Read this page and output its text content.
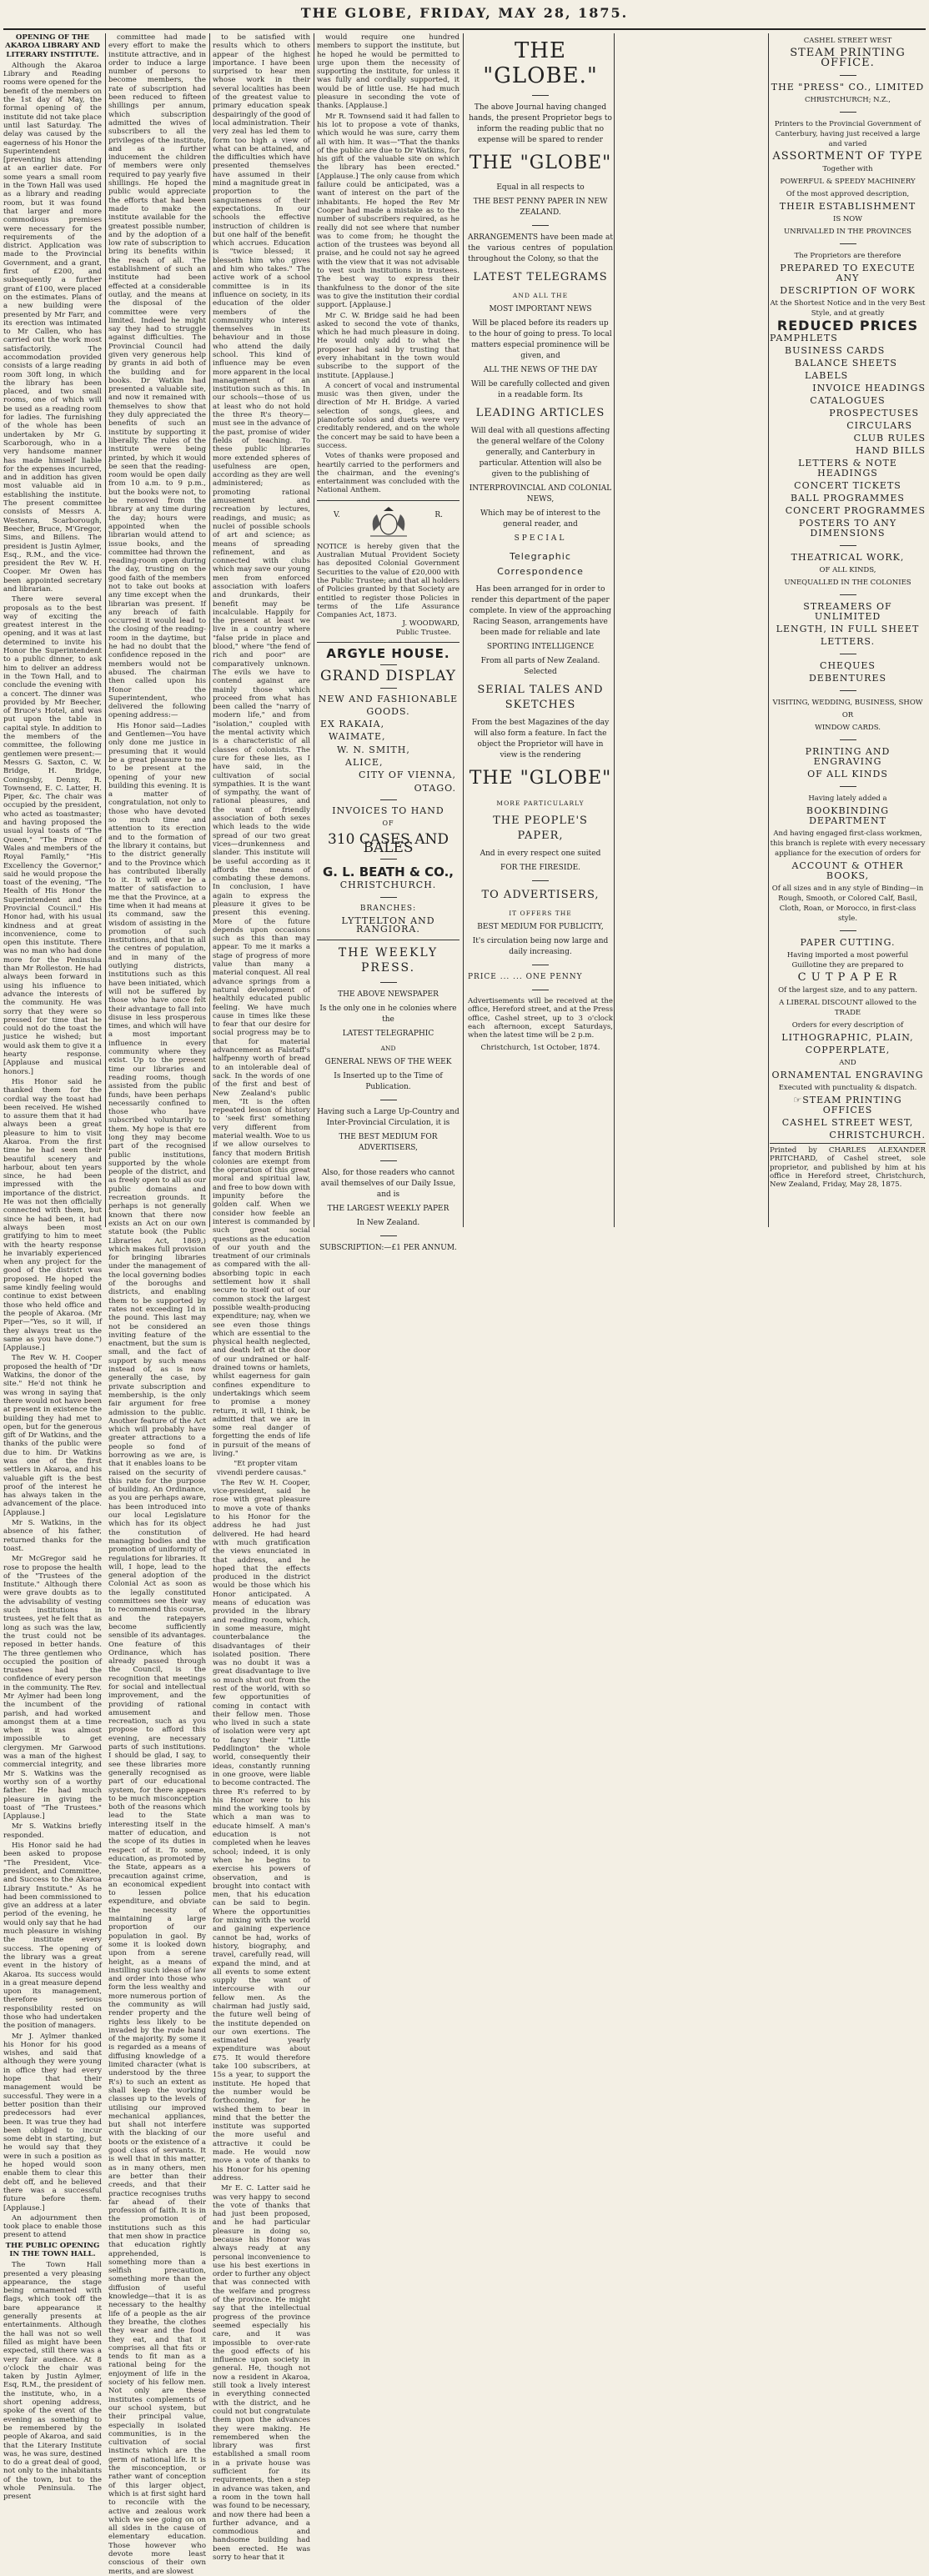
THE GLOBE, FRIDAY, MAY 28, 1875.
OPENING OF THE AKAROA LIBRARY AND LITERARY INSTITUTE.

Although the Akaroa Library and Reading rooms were opened for the benefit of the members on the 1st day of May, the formal opening of the institute did not take place until last Saturday. The delay was caused by the eagerness of his Honor the Superintendent [preventing his attending at an earlier date. For some years a small room in the Town Hall was used as a library and reading room, but it was found that larger and more commodious premises were necessary for the requirements of the district. Application was made to the Provincial Government, and a grant, first of £200, and subsequently a further grant of £100, were placed on the estimates. Plans of a new building were presented by Mr Farr, and its erection was intimated to Mr Callen, who has carried out the work most satisfactorily. The accommodation provided consists of a large reading room 30ft long, in which the library has been placed, and two small rooms, one of which will be used as a reading room for ladies. The furnishing of the whole has been undertaken by Mr G. Scarborough, who in a very handsome manner has made himself liable for the expenses incurred, and in addition has given most valuable aid in establishing the institute. The present committee consists of Messrs A. Westenra, Scarborough, Beecher, Bruce, M'Gregor, Sims, and Billens. The president is Justin Aylmer, Esq., R.M., and the vice-president the Rev W. H. Cooper. Mr Owen has been appointed secretary and librarian.

There were several proposals as to the best way of exciting the greatest interest in the opening, and it was at last determined to invite his Honor the Superintendent to a public dinner, to ask him to deliver an address in the Town Hall, and to conclude the evening with a concert. The dinner was provided by Mr Beecher, of Bruce's Hotel, and was put upon the table in capital style. In addition to the members of the committee, the following gentlemen were present:— Messrs G. Saxton, C. W. Bridge, H. Bridge, Coningsby, Denny, R. Townsend, E. C. Latter, H. Piper, &c. The chair was occupied by the president, who acted as toastmaster; and having proposed the usual loyal toasts of "The Queen," "The Prince of Wales and members of the Royal Family," "His Excellency the Governor," said he would propose the toast of the evening, "The Health of His Honor the Superintendent and the Provincial Council." His Honor had, with his usual kindness and at great inconvenience, come to open this institute. There was no man who had done more for the Peninsula than Mr Rolleston. He had always been forward in using his influence to advance the interests of the community. He was sorry that they were so pressed for time that he could not do the toast the justice he wished; but would ask them to give it a hearty response. [Applause and musical honors.]

His Honor said he thanked them for the cordial way the toast had been received. He wished to assure them that it had always been a great pleasure to him to visit Akaroa. From the first time he had seen their beautiful scenery and harbour, about ten years since, he had been impressed with the importance of the district. He was not then officially connected with them, but since he had been, it had always been most gratifying to him to meet with the hearty response he invariably experienced when any project for the good of the district was proposed. He hoped the same kindly feeling would continue to exist between those who held office and the people of Akaroa. (Mr Piper—"Yes, so it will, if they always treat us the same as you have done.") [Applause.]

The Rev W. H. Cooper proposed the health of "Dr Watkins, the donor of the site." He'd not think he was wrong in saying that there would not have been at present in existence the building they had met to open, but for the generous gift of Dr Watkins, and the thanks of the public were due to him. Dr Watkins was one of the first settlers in Akaroa, and his valuable gift is the best proof of the interest he has always taken in the advancement of the place. [Applause.]

Mr S. Watkins, in the absence of his father, returned thanks for the toast.

Mr McGregor said he rose to propose the health of the "Trustees of the Institute." Although there were grave doubts as to the advisability of vesting such institutions in trustees, yet he felt that as long as such was the law, the trust could not be reposed in better hands. The three gentlemen who occupied the position of trustees had the confidence of every person in the community. The Rev. Mr Aylmer had been long the incumbent of the parish, and had worked amongst them at a time when it was almost impossible to get clergymen. Mr Garwood was a man of the highest commercial integrity, and Mr S. Watkins was the worthy son of a worthy father. He had much pleasure in giving the toast of "The Trustees." [Applause.]

Mr S. Watkins briefly responded.

His Honor said he had been asked to propose "The President, Vice-president, and Committee, and Success to the Akaroa Library Institute." As he had been commissioned to give an address at a later period of the evening, he would only say that he had much pleasure in wishing the institute every success. The opening of the library was a great event in the history of Akaroa. Its success would in a great measure depend upon its management, therefore serious responsibility rested on those who had undertaken the position of managers.

Mr J. Aylmer thanked his Honor for his good wishes, and said that although they were young in office they had every hope that their management would be successful. They were in a better position than their predecessors had ever been. It was true they had been obliged to incur some debt in starting, but he would say that they were in such a position as he hoped would soon enable them to clear this debt off, and he believed there was a successful future before them. [Applause.]

An adjournment then took place to enable those present to attend

THE PUBLIC OPENING IN THE TOWN HALL.

The Town Hall presented a very pleasing appearance, the stage being ornamented with flags, which took off the bare appearance it generally presents at entertainments. Although the hall was not so well filled as might have been expected, still there was a very fair audience. At 8 o'clock the chair was taken by Justin Aylmer, Esq, R.M., the president of the institute, who, in a short opening address, spoke of the event of the evening as something to be remembered by the people of Akaroa, and said that the Literary Institute was, he was sure, destined to do a great deal of good, not only to the inhabitants of the town, but to the whole Peninsula. The present

committee had made every effort to make the institute attractive, and in order to induce a large number of persons to become members, the rate of subscription had been reduced to fifteen shillings per annum, which subscription admitted the wives of subscribers to all the privileges of the institute, and as a further inducement the children of members were only required to pay yearly five shillings. He hoped the public would appreciate the efforts that had been made to make the institute available for the greatest possible number, and by the adoption of a low rate of subscription to bring its benefits within the reach of all. The establishment of such an institute had been effected at a considerable outlay, and the means at the disposal of the committee were very limited. Indeed he might say they had to struggle against difficulties. The Provincial Council had given very generous help by grants in aid both of the building and for books. Dr Watkin had presented a valuable site, and now it remained with themselves to show that they duly appreciated the benefits of such an institute by supporting it liberally. The rules of the institute were being printed, by which it would be seen that the reading-room would be open daily from 10 a.m. to 9 p.m., but the books were not, to be removed from the library at any time during the day; hours were appointed when the librarian would attend to issue books, and the committee had thrown the reading-room open during the day, trusting on the good faith of the members not to take out books at any time except when the librarian was present. If any breach of faith occurred it would lead to the closing of the reading-room in the daytime, but he had no doubt that the confidence reposed in the members would not be abused. The chairman then called upon his Honor the Superintendent, who delivered the following opening address:—

His Honor said—Ladies and Gentlemen—You have only done me justice in presuming that it would be a great pleasure to me to be present at the opening of your new building this evening. It is a matter of congratulation, not only to those who have devoted so much time and attention to its erection and to the formation of the library it contains, but to the district generally and to the Province which has contributed liberally to it. It will ever be a matter of satisfaction to me that the Province, at a time when it had means at its command, saw the wisdom of assisting in the promotion of such institutions, and that in all the centres of population, and in many of the outlying districts, institutions such as this have been initiated, which will not be suffered by those who have once felt their advantage to fall into disuse in less prosperous times, and which will have a most important influence in every community where they exist. Up to the present time our libraries and reading rooms, though assisted from the public funds, have been perhaps necessarily confined to those who have subscribed voluntarily to them. My hope is that ere long they may become part of the recognised public institutions, supported by the whole people of the district, and as freely open to all as our public domains and recreation grounds. It perhaps is not generally known that there now exists an Act on our own statute book (the Public Libraries Act, 1869,) which makes full provision for bringing libraries under the management of the local governing bodies of the boroughs and districts, and enabling them to be supported by rates not exceeding 1d in the pound. This last may not be considered an inviting feature of the enactment, but the sum is small, and the fact of support by such means instead of, as is now generally the case, by private subscription and membership, is the only fair argument for free admission to the public. Another feature of the Act which will probably have greater attractions to a people so fond of borrowing as we are, is that it enables loans to be raised on the security of this rate for the purpose of building. An Ordinance, as you are perhaps aware, has been introduced into our local Legislature which has for its object the constitution of managing bodies and the promotion of uniformity of regulations for libraries. It will, I hope, lead to the general adoption of the Colonial Act as soon as the legally constituted committees see their way to recommend this course, and the ratepayers become sufficiently sensible of its advantages. One feature of this Ordinance, which has already passed through the Council, is the recognition that meetings for social and intellectual improvement, and the providing of rational amusement and recreation, such as you propose to afford this evening, are necessary parts of such institutions. I should be glad, I say, to see these libraries more generally recognised as part of our educational system, for there appears to be much misconception both of the reasons which lead to the State interesting itself in the matter of education, and the scope of its duties in respect of it. To some, education, as promoted by the State, appears as a precaution against crime, an economical expedient to lessen police expenditure, and obviate the necessity of maintaining a large proportion of our population in gaol. By some it is looked down upon from a serene height, as a means of instilling such ideas of law and order into those who form the less wealthy and more numerous portion of the community as will render property and the rights less likely to be invaded by the rude hand of the majority. By some it is regarded as a means of diffusing knowledge of a limited character (what is understood by the three R's) to such an extent as shall keep the working classes up to the levels of utilising our improved mechanical appliances, but shall not interfere with the blacking of our boots or the existence of a good class of servants. It is well that in this matter, as in many others, men are better than their creeds, and that their practice recognises truths far ahead of their profession of faith. It is in the promotion of institutions such as this that men show in practice that education rightly apprehended, is something more than a selfish precaution, something more than the diffusion of useful knowledge—that it is as necessary to the healthy life of a people as the air they breathe, the clothes they wear and the food they eat, and that it comprises all that fits or tends to fit man as a rational being for the enjoyment of life in the society of his fellow men. Not only are these institutes complements of our school system, but their principal value, especially in isolated communities, is in the cultivation of social instincts which are the germ of national life. It is the misconception, or rather want of conception of this larger object, which is at first sight hard to reconcile with the active and zealous work which we see going on on all sides in the cause of elementary education. Those however who devote more least conscious of their own merits, and are slowest

to be satisfied with results which to others appear of the highest importance. I have been surprised to hear men whose work in their several localities has been of the greatest value to primary education speak despairingly of the good of local administration. Their very zeal has led them to form too high a view of what can be attained, and the difficulties which have presented themselves have assumed in their mind a magnitude great in proportion to the sanguineness of their expectations. In our schools the effective instruction of children is but one half of the benefit which accrues. Education is "twice blessed; it blesseth him who gives and him who takes." The active work of a school committee is in its influence on society, in its education of the older members of the community who interest themselves in its behaviour and in those who attend the daily school. This kind of influence may be even more apparent in the local management of an institution such as this. In our schools—those of us at least who do not hold the three R's theory—must see in the advance of the past, promise of wider fields of teaching. To these public libraries more extended spheres of usefulness are open, according as they are well administered; as promoting rational amusement and recreation by lectures, readings, and music; as nuclei of possible schools of art and science; as means of spreading refinement, and as connected with clubs which may save our young men from enforced association with loafers and drunkards, their benefit may be incalculable. Happily for the present at least we live in a country where "false pride in place and blood," where "the fend of rich and poor" are comparatively unknown. The evils we have to contend against are mainly those which proceed from what has been called the "narry of modern life," and from "isolation," coupled with the mental activity which is a characteristic of all classes of colonists. The cure for these lies, as I have said, in the cultivation of social sympathies. It is the want of sympathy, the want of rational pleasures, and the want of friendly association of both sexes which leads to the wide spread of our two great vices—drunkenness and slander. This institute will be useful according as it affords the means of combating these demons. In conclusion, I have again to express the pleasure it gives to be present this evening. More of the future depends upon occasions such as this than may appear. To me it marks a stage of progress of more value than many a material conquest. All real advance springs from a natural development of healthily educated public feeling. We have much cause in times like these to fear that our desire for social progress may be to that for material advancement as Falstaff's halfpenny worth of bread to an intolerable deal of sack. In the words of one of the first and best of New Zealand's public men, "It is the often repeated lesson of history to 'seek first' something very different from material wealth. Woe to us if we allow ourselves to fancy that modern British colonies are exempt from the operation of this great moral and spiritual law, and free to bow down with impunity before the golden calf. When we consider how feeble an interest is commanded by such great social questions as the education of our youth and the treatment of our criminals as compared with the all-absorbing topic in each settlement how it shall secure to itself out of our common stock the largest possible wealth-producing expenditure; nay, when we see even those things which are essential to the physical health neglected, and death left at the door of our undrained or half-drained towns or hamlets, whilst eagerness for gain confines expenditure to undertakings which seem to promise a money return, it will, I think, be admitted that we are in some real danger of forgetting the ends of life in pursuit of the means of living."

"Et propter vitam vivendi perdere causas."

The Rev W. H. Cooper, vice-president, said he rose with great pleasure to move a vote of thanks to his Honor for the address he had just delivered. He had heard with much gratification the views enunciated in that address, and he hoped that the effects produced in the district would be those which his Honor anticipated. A means of education was provided in the library and reading room, which, in some measure, might counterbalance the disadvantages of their isolated position. There was no doubt it was a great disadvantage to live so much shut out from the rest of the world, with so few opportunities of coming in contact with their fellow men. Those who lived in such a state of isolation were very apt to fancy their "Little Peddlington" the whole world, consequently their ideas, constantly running in one groove, were liable to become contracted. The three R's referred to by his Honor were to his mind the working tools by which a man was to educate himself. A man's education is not completed when he leaves school; indeed, it is only when he begins to exercise his powers of observation, and is brought into contact with men, that his education can be said to begin. Where the opportunities for mixing with the world and gaining experience cannot be had, works of history, biography, and travel, carefully read, will expand the mind, and at all events to some extent supply the want of intercourse with our fellow men. As the chairman had justly said, the future well being of the institute depended on our own exertions. The estimated yearly expenditure was about £75. It would therefore take 100 subscribers, at 15s a year, to support the institute. He hoped that the number would be forthcoming, for he wished them to bear in mind that the better the institute was supported the more useful and attractive it could be made. He would now move a vote of thanks to his Honor for his opening address.

Mr E. C. Latter said he was very happy to second the vote of thanks that had just been proposed, and he had particular pleasure in doing so, because his Honor was always ready at any personal inconvenience to use his best exertions in order to further any object that was connected with the welfare and progress of the province. He might say that the intellectual progress of the province seemed especially his care, and it was impossible to over-rate the good effects of his influence upon society in general. He, though not now a resident in Akaroa, still took a lively interest in everything connected with the district, and he could not but congratulate them upon the advances they were making. He remembered when the library was first established a small room in a private house was sufficient for its requirements, then a step in advance was taken, and a room in the town hall was found to be necessary, and now there had been a further advance, and a commodious and handsome building had been erected. He was sorry to hear that it

would require one hundred members to support the institute, but he hoped he would be permitted to urge upon them the necessity of supporting the institute, for unless it was fully and cordially supported, it would be of little use. He had much pleasure in seconding the vote of thanks. [Applause.]

Mr R. Townsend said it had fallen to his lot to propose a vote of thanks, which would he was sure, carry them all with him. It was—"That the thanks of the public are due to Dr Watkins, for his gift of the valuable site on which the library has been erected." [Applause.] The only cause from which failure could be anticipated, was a want of interest on the part of the inhabitants. He hoped the Rev Mr Cooper had made a mistake as to the number of subscribers required, as he really did not see where that number was to come from; he thought the action of the trustees was beyond all praise, and he could not say he agreed with the view that it was not advisable to vest such institutions in trustees. The best way to express their thankfulness to the donor of the site was to give the institution their cordial support. [Applause.]

Mr C. W. Bridge said he had been asked to second the vote of thanks, which he had much pleasure in doing. He would only add to what the proposer had said by trusting that every inhabitant in the town would subscribe to the support of the institute. [Applause.]

A concert of vocal and instrumental music was then given, under the direction of Mr H. Bridge. A varied selection of songs, glees, and pianoforte solos and duets were very creditably rendered, and on the whole the concert may be said to have been a success.

Votes of thanks were proposed and heartily carried to the performers and the chairman, and the evening's entertainment was concluded with the National Anthem.

V.	R.
NOTICE is hereby given that the Australian Mutual Provident Society has deposited Colonial Government Securities to the value of £20,000 with the Public Trustee; and that all holders of Policies granted by that Society are entitled to register those Policies in terms of the Life Assurance Companies Act, 1873.
J. WOODWARD,
Public Trustee.
ARGYLE HOUSE.
GRAND DISPLAY
NEW AND FASHIONABLE
GOODS.
EX RAKAIA,
WAIMATE,
W. N. SMITH,
ALICE,
CITY OF VIENNA,
OTAGO.
INVOICES TO HAND
OF
310 CASES AND BALES
G. L. BEATH & CO.,
CHRISTCHURCH.
BRANCHES:
LYTTELTON AND RANGIORA.
THE WEEKLY PRESS.
THE ABOVE NEWSPAPER
Is the only one in he colonies where the
LATEST TELEGRAPHIC
AND
GENERAL NEWS OF THE WEEK
Is Inserted up to the Time of Publication.
Having such a Large Up-Country and Inter-Provincial Circulation, it is
THE BEST MEDIUM FOR ADVERTISERS,
Also, for those readers who cannot avail themselves of our Daily Issue, and is
THE LARGEST WEEKLY PAPER
In New Zealand.
SUBSCRIPTION:—£1 PER ANNUM.
THE "GLOBE."
The above Journal having changed hands, the present Proprietor begs to inform the reading public that no expense will be spared to render
THE "GLOBE"
Equal in all respects to
THE BEST PENNY PAPER IN NEW ZEALAND.
ARRANGEMENTS have been made at the various centres of population throughout the Colony, so that the
LATEST TELEGRAMS
AND ALL THE
MOST IMPORTANT NEWS
Will be placed before its readers up to the hour of going to press. To local matters especial prominence will be given, and
ALL THE NEWS OF THE DAY
Will be carefully collected and given in a readable form. Its
LEADING ARTICLES
Will deal with all questions affecting the general welfare of the Colony generally, and Canterbury in particular. Attention will also be given to the publishing of
INTERPROVINCIAL AND COLONIAL NEWS,
Which may be of interest to the general reader, and
SPECIAL
Telegraphic Correspondence
Has been arranged for in order to render this department of the paper complete. In view of the approaching Racing Season, arrangements have been made for reliable and late
SPORTING INTELLIGENCE
From all parts of New Zealand. Selected
SERIAL TALES AND SKETCHES
From the best Magazines of the day will also form a feature. In fact the object the Proprietor will have in view is the rendering
THE "GLOBE"
MORE PARTICULARLY
THE PEOPLE'S PAPER,
And in every respect one suited
FOR THE FIRESIDE.
TO ADVERTISERS,
IT OFFERS THE
BEST MEDIUM FOR PUBLICITY,
It's circulation being now large and daily increasing.
PRICE ... ... ONE PENNY
Advertisements will be received at the office, Hereford street, and at the Press office, Cashel street, up to 3 o'clock each afternoon, except Saturdays, when the latest time will be 2 p.m.
Christchurch, 1st October, 1874.
CASHEL STREET WEST
STEAM PRINTING OFFICE.
THE "PRESS" CO., LIMITED
CHRISTCHURCH; N.Z.,
Printers to the Provincial Government of Canterbury, having just received a large and varied
ASSORTMENT OF TYPE
Together with
POWERFUL & SPEEDY MACHINERY
Of the most approved description,
THEIR ESTABLISHMENT
IS NOW
UNRIVALLED IN THE PROVINCES
The Proprietors are therefore
PREPARED TO EXECUTE ANY
DESCRIPTION OF WORK
At the Shortest Notice and in the very Best Style, and at greatly
REDUCED PRICES
PAMPHLETS
BUSINESS CARDS
BALANCE SHEETS
LABELS
INVOICE HEADINGS
CATALOGUES
PROSPECTUSES
CIRCULARS
CLUB RULES
HAND BILLS
LETTERS & NOTE HEADINGS
CONCERT TICKETS
BALL PROGRAMMES
CONCERT PROGRAMMES
POSTERS TO ANY DIMENSIONS
THEATRICAL WORK,
OF ALL KINDS,
UNEQUALLED IN THE COLONIES
STREAMERS OF UNLIMITED
LENGTH, IN FULL SHEET
LETTERS.
CHEQUES
DEBENTURES
VISITING, WEDDING, BUSINESS, SHOW
OR
WINDOW CARDS.
PRINTING AND ENGRAVING
OF ALL KINDS
Having lately added a
BOOKBINDING DEPARTMENT
And having engaged first-class workmen, this branch is replete with every necessary appliance for the execution of orders for
ACCOUNT & OTHER BOOKS,
Of all sizes and in any style of Binding—in Rough, Smooth, or Colored Calf, Basil, Cloth, Roan, or Morocco, in first-class style.
PAPER CUTTING.
Having imported a most powerful Guillotine they are prepared to
C U T P A P E R
Of the largest size, and to any pattern.
A LIBERAL DISCOUNT allowed to the TRADE
Orders for every description of
LITHOGRAPHIC, PLAIN,
COPPERPLATE,
AND
ORNAMENTAL ENGRAVING
Executed with punctuality & dispatch.
☞STEAM PRINTING OFFICES
CASHEL STREET WEST,
CHRISTCHURCH.
Printed by CHARLES ALEXANDER PRITCHARD, of Cashel street, sole proprietor, and published by him at his office in Hereford street, Christchurch, New Zealand, Friday, May 28, 1875.
